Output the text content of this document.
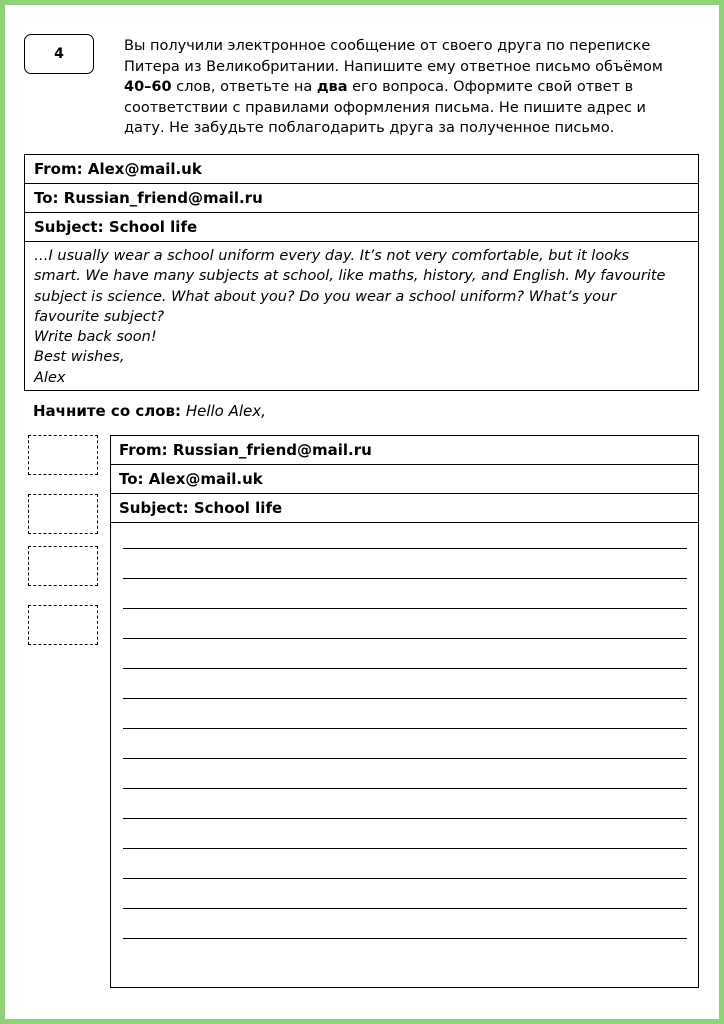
4	Вы получили электронное сообщение от своего друга по переписке Питера из Великобритании. Напишите ему ответное письмо объёмом 40–60 слов, ответьте на два его вопроса. Оформите свой ответ в соответствии с правилами оформления письма. Не пишите адрес и дату. Не забудьте поблагодарить друга за полученное письмо.
From: Alex@mail.uk
To: Russian_friend@mail.ru
Subject: School life
…I usually wear a school uniform every day. It’s not very comfortable, but it looks
smart. We have many subjects at school, like maths, history, and English. My favourite
subject is science. What about you? Do you wear a school uniform? What’s your
favourite subject?
Write back soon!
Best wishes,
Alex
Начните со слов: Hello Alex,
From: Russian_friend@mail.ru
To: Alex@mail.uk
Subject: School life
